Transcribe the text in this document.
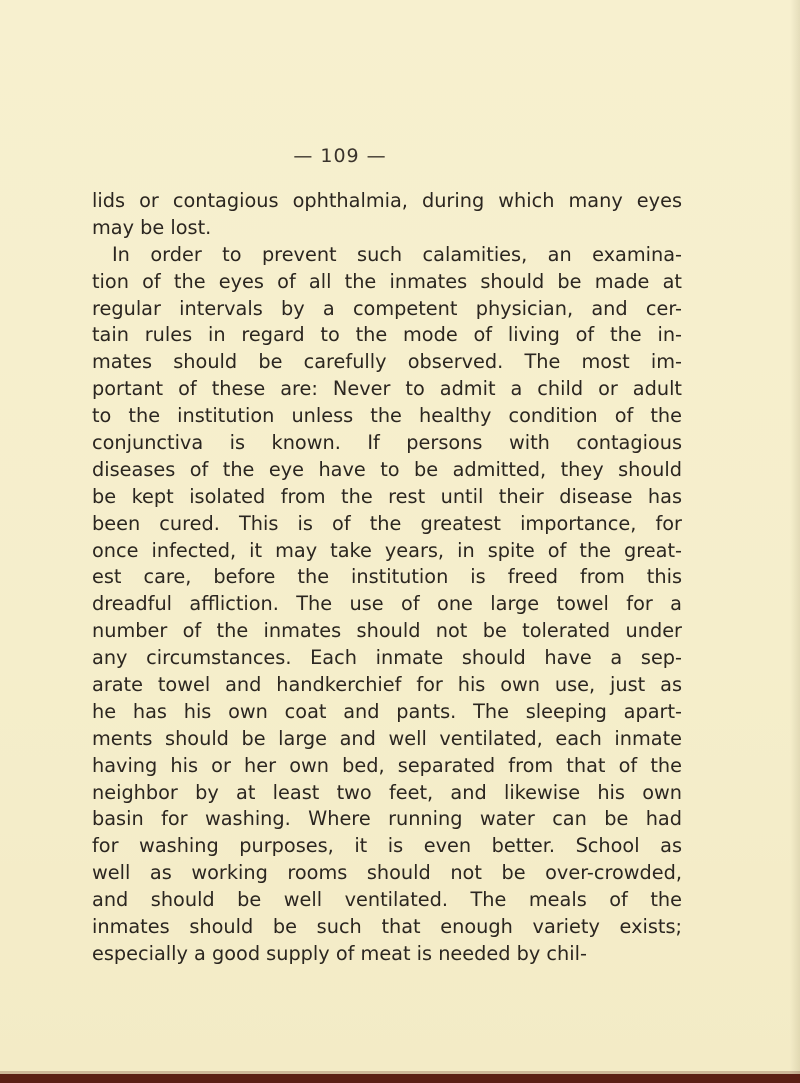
— 109 —
lids or contagious ophthalmia, during which many eyes
may be lost.
In order to prevent such calamities, an examina-
tion of the eyes of all the inmates should be made at
regular intervals by a competent physician, and cer-
tain rules in regard to the mode of living of the in-
mates should be carefully observed. The most im-
portant of these are: Never to admit a child or adult
to the institution unless the healthy condition of the
conjunctiva is known. If persons with contagious
diseases of the eye have to be admitted, they should
be kept isolated from the rest until their disease has
been cured. This is of the greatest importance, for
once infected, it may take years, in spite of the great-
est care, before the institution is freed from this
dreadful affliction. The use of one large towel for a
number of the inmates should not be tolerated under
any circumstances. Each inmate should have a sep-
arate towel and handkerchief for his own use, just as
he has his own coat and pants. The sleeping apart-
ments should be large and well ventilated, each inmate
having his or her own bed, separated from that of the
neighbor by at least two feet, and likewise his own
basin for washing. Where running water can be had
for washing purposes, it is even better. School as
well as working rooms should not be over-crowded,
and should be well ventilated. The meals of the
inmates should be such that enough variety exists;
especially a good supply of meat is needed by chil-
